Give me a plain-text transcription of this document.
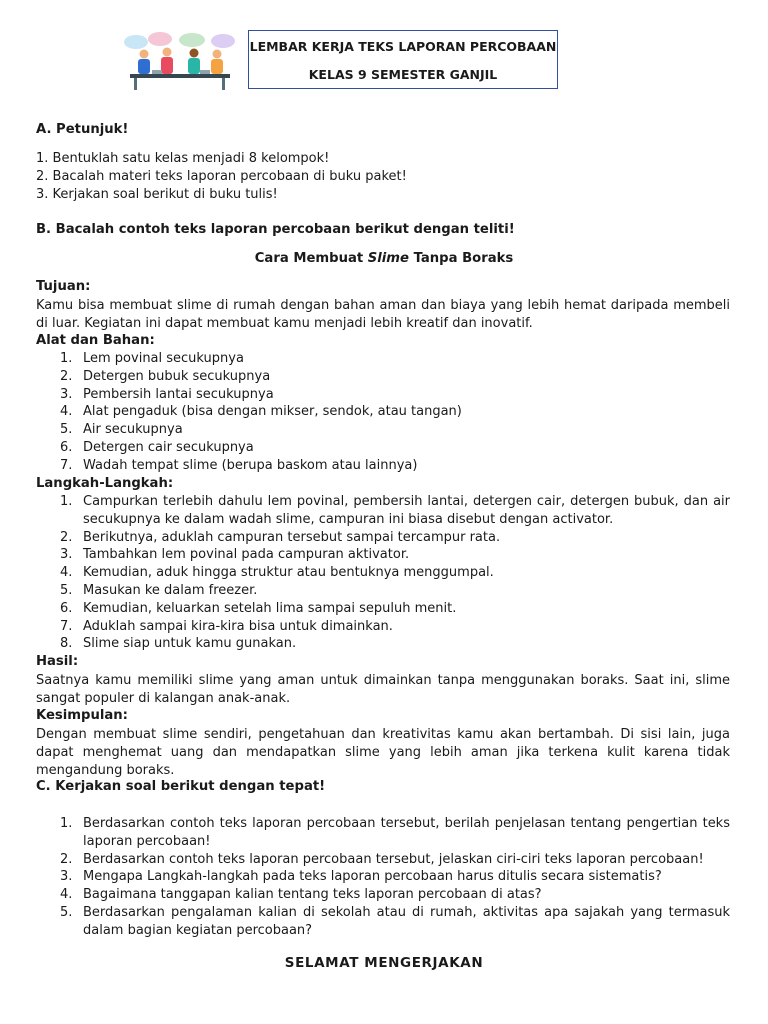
LEMBAR KERJA TEKS LAPORAN PERCOBAAN
KELAS 9 SEMESTER GANJIL
A. Petunjuk!
1. Bentuklah satu kelas menjadi 8 kelompok!
2. Bacalah materi teks laporan percobaan di buku paket!
3. Kerjakan soal berikut di buku tulis!
B. Bacalah contoh teks laporan percobaan berikut dengan teliti!
Cara Membuat Slime Tanpa Boraks
Tujuan:
Kamu bisa membuat slime di rumah dengan bahan aman dan biaya yang lebih hemat daripada membeli di luar. Kegiatan ini dapat membuat kamu menjadi lebih kreatif dan inovatif.
Alat dan Bahan:
1. Lem povinal secukupnya
2. Detergen bubuk secukupnya
3. Pembersih lantai secukupnya
4. Alat pengaduk (bisa dengan mikser, sendok, atau tangan)
5. Air secukupnya
6. Detergen cair secukupnya
7. Wadah tempat slime (berupa baskom atau lainnya)
Langkah-Langkah:
1. Campurkan terlebih dahulu lem povinal, pembersih lantai, detergen cair, detergen bubuk, dan air secukupnya ke dalam wadah slime, campuran ini biasa disebut dengan activator.
2. Berikutnya, aduklah campuran tersebut sampai tercampur rata.
3. Tambahkan lem povinal pada campuran aktivator.
4. Kemudian, aduk hingga struktur atau bentuknya menggumpal.
5. Masukan ke dalam freezer.
6. Kemudian, keluarkan setelah lima sampai sepuluh menit.
7. Aduklah sampai kira-kira bisa untuk dimainkan.
8. Slime siap untuk kamu gunakan.
Hasil:
Saatnya kamu memiliki slime yang aman untuk dimainkan tanpa menggunakan boraks. Saat ini, slime sangat populer di kalangan anak-anak.
Kesimpulan:
Dengan membuat slime sendiri, pengetahuan dan kreativitas kamu akan bertambah. Di sisi lain, juga dapat menghemat uang dan mendapatkan slime yang lebih aman jika terkena kulit karena tidak mengandung boraks.
C. Kerjakan soal berikut dengan tepat!
1. Berdasarkan contoh teks laporan percobaan tersebut, berilah penjelasan tentang pengertian teks laporan percobaan!
2. Berdasarkan contoh teks laporan percobaan tersebut, jelaskan ciri-ciri teks laporan percobaan!
3. Mengapa Langkah-langkah pada teks laporan percobaan harus ditulis secara sistematis?
4. Bagaimana tanggapan kalian tentang teks laporan percobaan di atas?
5. Berdasarkan pengalaman kalian di sekolah atau di rumah, aktivitas apa sajakah yang termasuk dalam bagian kegiatan percobaan?
SELAMAT MENGERJAKAN
